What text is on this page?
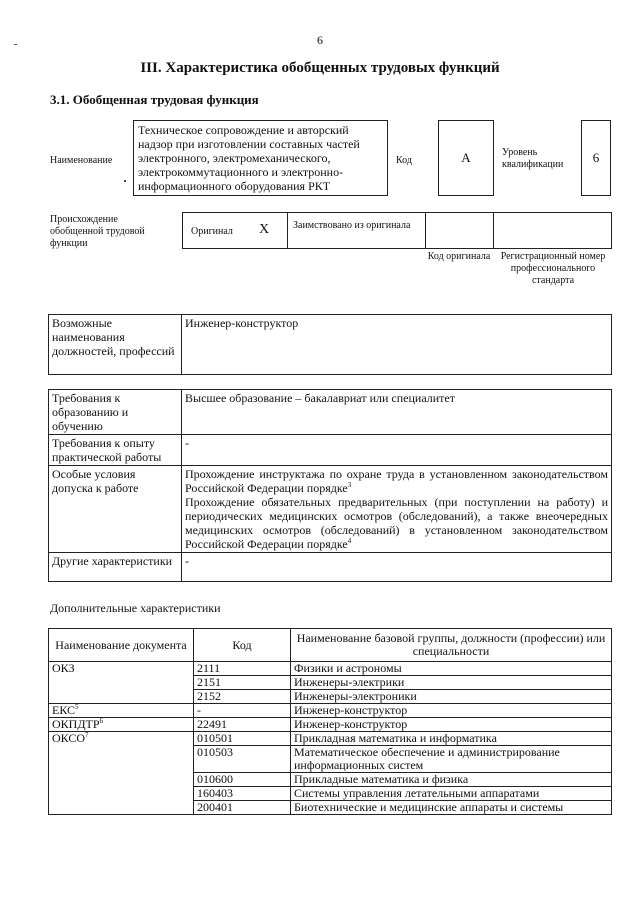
6
III. Характеристика обобщенных трудовых функций
3.1. Обобщенная трудовая функция
Наименование
Техническое сопровождение и авторский надзор при изготовлении составных частей электронного, электромеханического, электрокоммутационного и электронно-информационного оборудования РКТ
Код	А	Уровень квалификации	6
Происхождение обобщенной трудовой функции
Оригинал X Заимствовано из оригинала
Код оригинала	Регистрационный номер профессионального стандарта
Возможные наименования должностей, профессий	Инженер-конструктор
Требования к образованию и обучению	Высшее образование – бакалавриат или специалитет
Требования к опыту практической работы	-
Особые условия допуска к работе	Прохождение инструктажа по охране труда в установленном законодательством Российской Федерации порядке$^3$
Прохождение обязательных предварительных (при поступлении на работу) и периодических медицинских осмотров (обследований), а также внеочередных медицинских осмотров (обследований) в установленном законодательством Российской Федерации порядке$^4$

Другие характеристики	-
Дополнительные характеристики
Наименование документа	Код	Наименование базовой группы, должности (профессии) или специальности
ОКЗ	2111	Физики и астрономы
	2151	Инженеры-электрики
	2152	Инженеры-электроники
ЕКС$^5$	-	Инженер-конструктор
ОКПДТР$^6$	22491	Инженер-конструктор
ОКСО$^7$	010501	Прикладная математика и информатика
	010503	Математическое обеспечение и администрирование информационных систем
	010600	Прикладные математика и физика
	160403	Системы управления летательными аппаратами
	200401	Биотехнические и медицинские аппараты и системы
